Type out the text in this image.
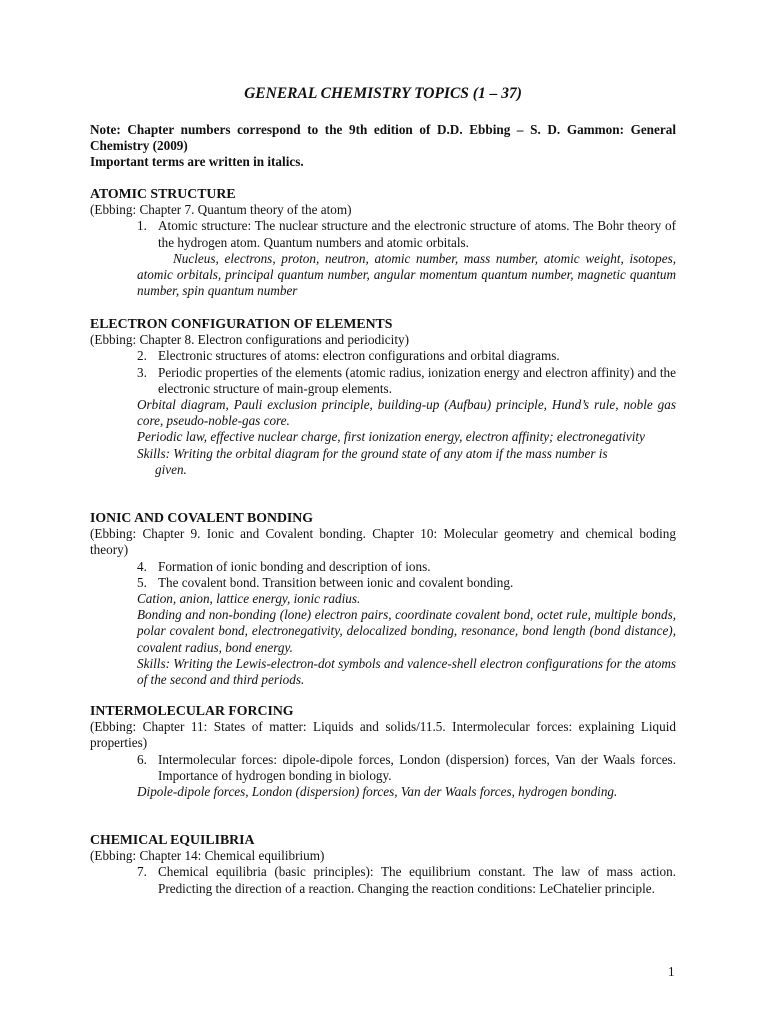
GENERAL CHEMISTRY TOPICS (1 – 37)
Note: Chapter numbers correspond to the 9th edition of D.D. Ebbing – S. D. Gammon: General Chemistry (2009)
Important terms are written in italics.
ATOMIC STRUCTURE
(Ebbing: Chapter 7. Quantum theory of the atom)
1. Atomic structure: The nuclear structure and the electronic structure of atoms. The Bohr theory of the hydrogen atom. Quantum numbers and atomic orbitals.
Nucleus, electrons, proton, neutron, atomic number, mass number, atomic weight, isotopes, atomic orbitals, principal quantum number, angular momentum quantum number, magnetic quantum number, spin quantum number
ELECTRON CONFIGURATION OF ELEMENTS
(Ebbing: Chapter 8. Electron configurations and periodicity)
2. Electronic structures of atoms: electron configurations and orbital diagrams.
3. Periodic properties of the elements (atomic radius, ionization energy and electron affinity) and the electronic structure of main-group elements.
Orbital diagram, Pauli exclusion principle, building-up (Aufbau) principle, Hund’s rule, noble gas core, pseudo-noble-gas core.
Periodic law, effective nuclear charge, first ionization energy, electron affinity; electronegativity
Skills: Writing the orbital diagram for the ground state of any atom if the mass number is
given.
IONIC AND COVALENT BONDING
(Ebbing: Chapter 9. Ionic and Covalent bonding. Chapter 10: Molecular geometry and chemical boding theory)
4. Formation of ionic bonding and description of ions.
5. The covalent bond. Transition between ionic and covalent bonding.
Cation, anion, lattice energy, ionic radius.
Bonding and non-bonding (lone) electron pairs, coordinate covalent bond, octet rule, multiple bonds, polar covalent bond, electronegativity, delocalized bonding, resonance, bond length (bond distance), covalent radius, bond energy.
Skills: Writing the Lewis-electron-dot symbols and valence-shell electron configurations for the atoms of the second and third periods.
INTERMOLECULAR FORCING
(Ebbing: Chapter 11: States of matter: Liquids and solids/11.5. Intermolecular forces: explaining Liquid properties)
6. Intermolecular forces: dipole-dipole forces, London (dispersion) forces, Van der Waals forces. Importance of hydrogen bonding in biology.
Dipole-dipole forces, London (dispersion) forces, Van der Waals forces, hydrogen bonding.
CHEMICAL EQUILIBRIA
(Ebbing: Chapter 14: Chemical equilibrium)
7. Chemical equilibria (basic principles): The equilibrium constant. The law of mass action. Predicting the direction of a reaction. Changing the reaction conditions: LeChatelier principle.
1
